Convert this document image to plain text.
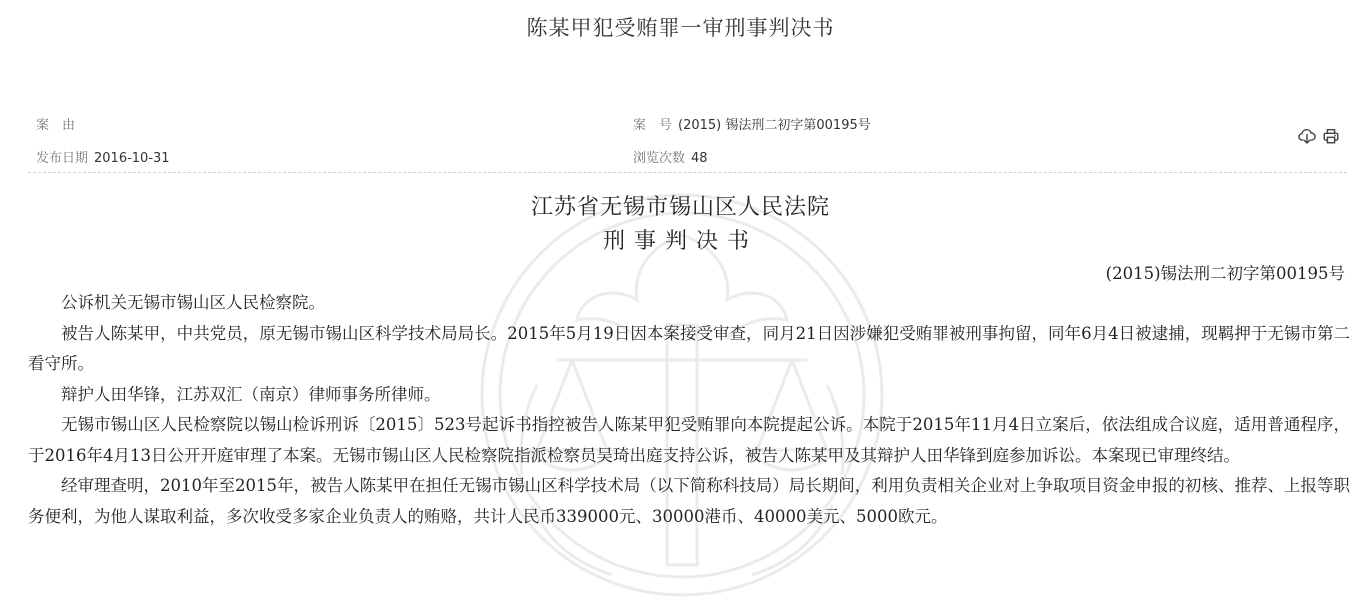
陈某甲犯受贿罪一审刑事判决书
案　由	案　号 (2015) 锡法刑二初字第00195号
发布日期 2016-10-31	浏览次数 48
江苏省无锡市锡山区人民法院
刑事判决书
(2015)锡法刑二初字第00195号

公诉机关无锡市锡山区人民检察院。

被告人陈某甲，中共党员，原无锡市锡山区科学技术局局长。2015年5月19日因本案接受审查，同月21日因涉嫌犯受贿罪被刑事拘留，同年6月4日被逮捕，现羁押于无锡市第二看守所。

辩护人田华锋，江苏双汇（南京）律师事务所律师。

无锡市锡山区人民检察院以锡山检诉刑诉〔2015〕523号起诉书指控被告人陈某甲犯受贿罪向本院提起公诉。本院于2015年11月4日立案后，依法组成合议庭，适用普通程序，于2016年4月13日公开开庭审理了本案。无锡市锡山区人民检察院指派检察员吴琦出庭支持公诉，被告人陈某甲及其辩护人田华锋到庭参加诉讼。本案现已审理终结。

经审理查明，2010年至2015年，被告人陈某甲在担任无锡市锡山区科学技术局（以下简称科技局）局长期间，利用负责相关企业对上争取项目资金申报的初核、推荐、上报等职务便利，为他人谋取利益，多次收受多家企业负责人的贿赂，共计人民币339000元、30000港币、40000美元、5000欧元。
